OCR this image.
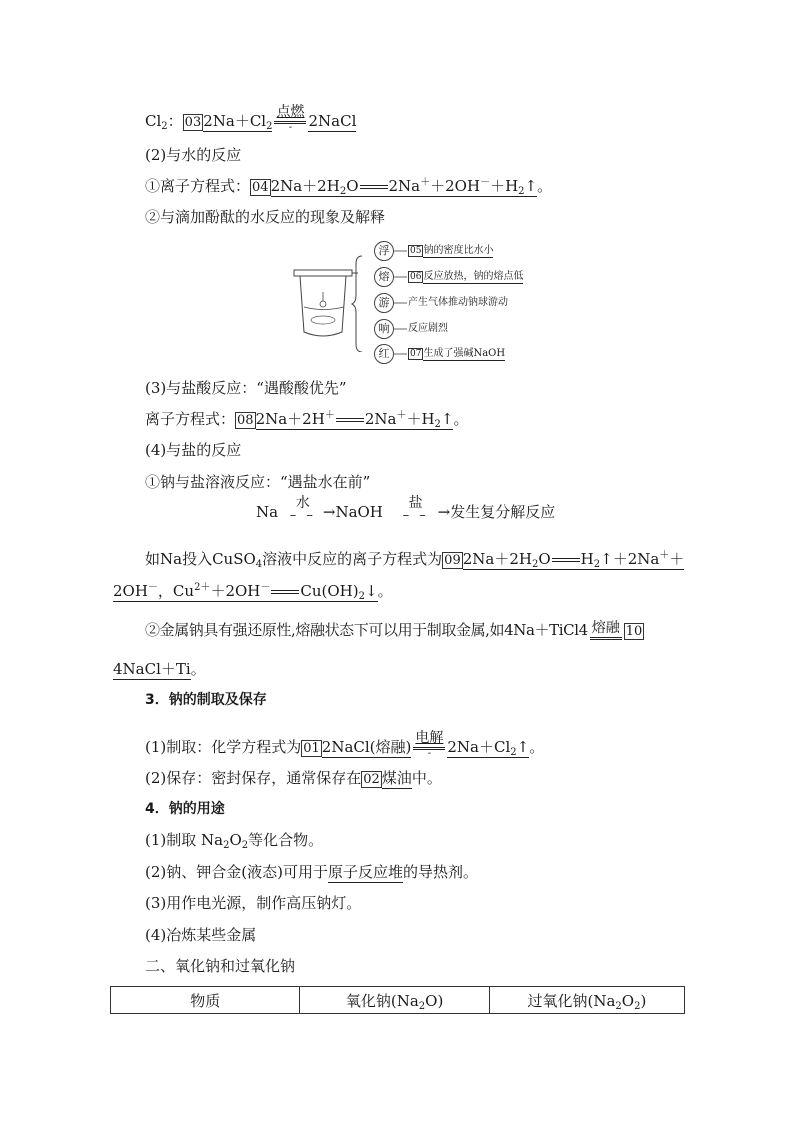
$Cl_2$： 03 $2Na+Cl_2$
点燃
-	2NaCl
(2)与水的反应
①离子方程式： 04 $2Na+2H_2O$ $2Na^++2OH^-+H_2↑$。
②与滴加酚酞的水反应的现象及解释
浮
熔
游
响
红
05 钠的密度比水小
06 反应放热，钠的熔点低
产生气体推动钠球游动
反应剧烈
07 生成了强碱NaOH
(3)与盐酸反应：“遇酸酸优先”
离子方程式： 08 2Na＋2H＋ $2Na^++H_2↑$。
(4)与盐的反应
①钠与盐溶液反应：“遇盐水在前”
Na	水
– – →NaOH	盐
– – →发生复分解反应
如Na投入CuSO$_4$溶液中反应的离子方程式为 09 $2Na+2H_2O$ $H_2↑+2Na^++$
2OH－，$Cu^{2+}+2OH^-$ $Cu(OH)_2↓$。
②金属钠具有强还原性,熔融状态下可以用于制取金属,如4Na＋TiCl4 熔融 10
4NaCl＋Ti。
3．钠的制取及保存
(1)制取：化学方程式为 01 2NaCl(熔融) 电解
-	$2Na+Cl_2↑$。
(2)保存：密封保存，通常保存在 02 煤油中。
4．钠的用途
(1)制取 $Na_2O_2$等化合物。
(2)钠、钾合金(液态)可用于原子反应堆的导热剂。
(3)用作电光源，制作高压钠灯。
(4)冶炼某些金属
二、氧化钠和过氧化钠
物质	氧化钠$(Na_2O)$	过氧化钠$(Na_2O_2)$
